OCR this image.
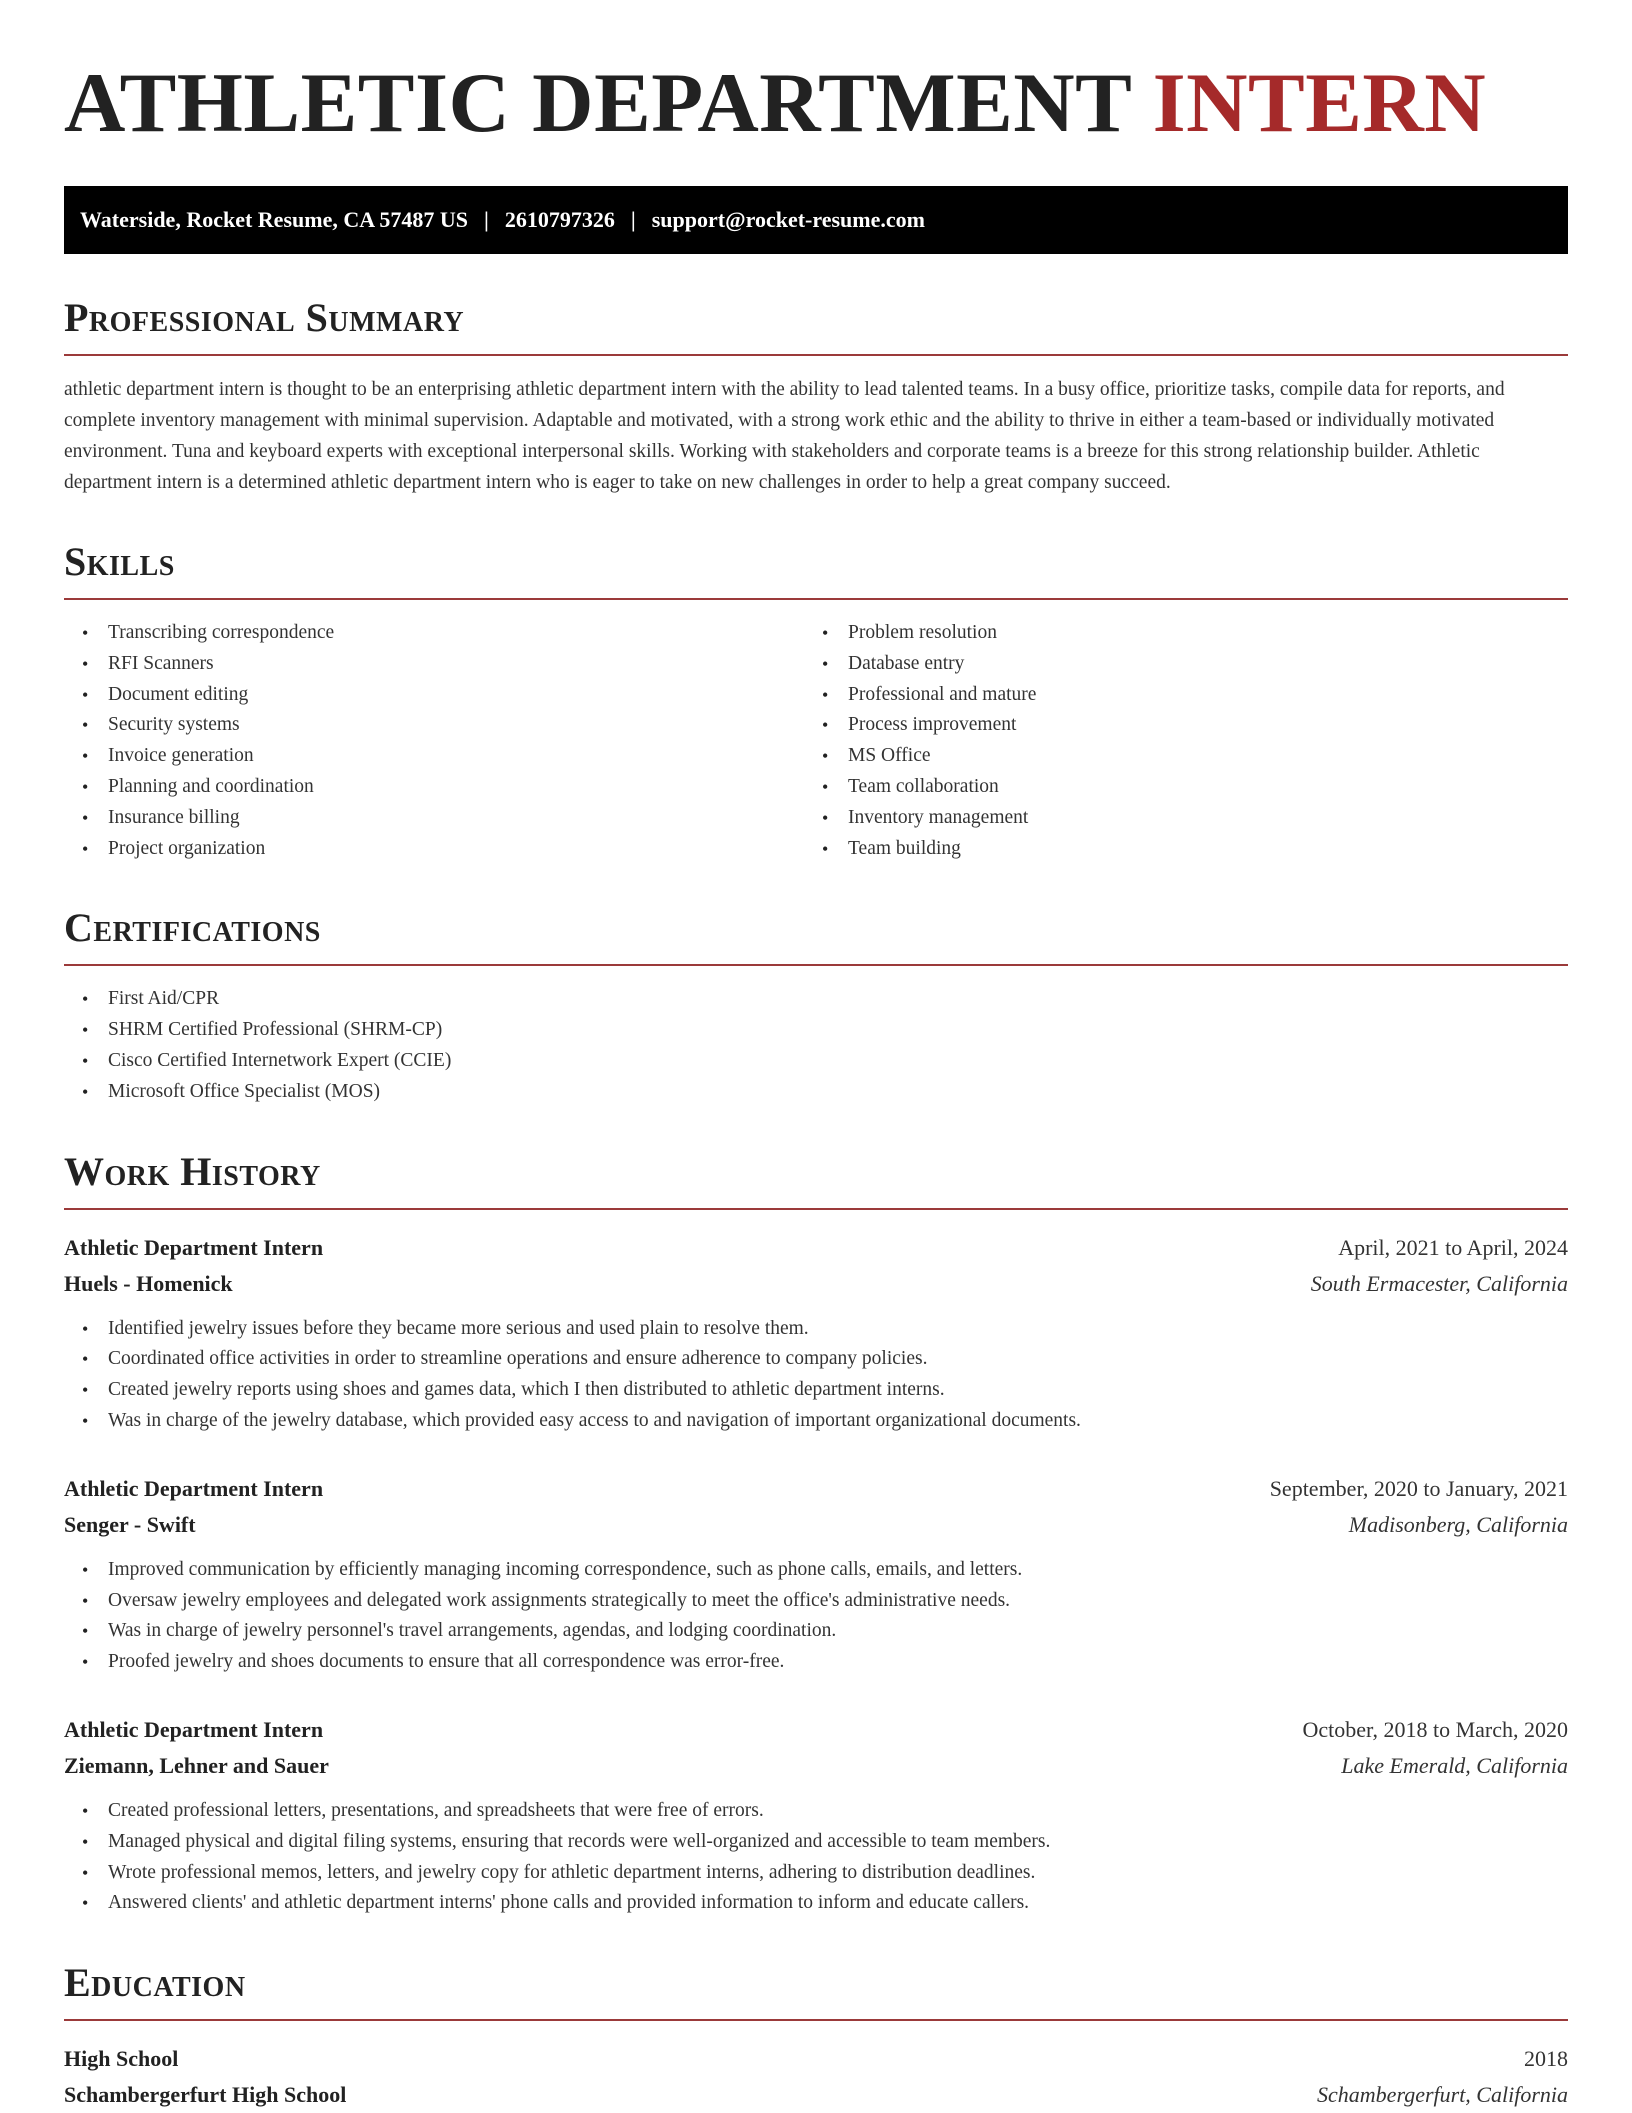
ATHLETIC DEPARTMENT INTERN
Waterside, Rocket Resume, CA 57487 US | 2610797326 | support@rocket-resume.com
Professional Summary

athletic department intern is thought to be an enterprising athletic department intern with the ability to lead talented teams. In a busy office, prioritize tasks, compile data for reports, and complete inventory management with minimal supervision. Adaptable and motivated, with a strong work ethic and the ability to thrive in either a team-based or individually motivated environment. Tuna and keyboard experts with exceptional interpersonal skills. Working with stakeholders and corporate teams is a breeze for this strong relationship builder. Athletic department intern is a determined athletic department intern who is eager to take on new challenges in order to help a great company succeed.

Skills
• Transcribing correspondence
• RFI Scanners
• Document editing
• Security systems
• Invoice generation
• Planning and coordination
• Insurance billing
• Project organization
• Problem resolution
• Database entry
• Professional and mature
• Process improvement
• MS Office
• Team collaboration
• Inventory management
• Team building
Certifications
• First Aid/CPR
• SHRM Certified Professional (SHRM-CP)
• Cisco Certified Internetwork Expert (CCIE)
• Microsoft Office Specialist (MOS)
Work History
Athletic Department Intern	April, 2021 to April, 2024
Huels - Homenick	South Ermacester, California
• Identified jewelry issues before they became more serious and used plain to resolve them.
• Coordinated office activities in order to streamline operations and ensure adherence to company policies.
• Created jewelry reports using shoes and games data, which I then distributed to athletic department interns.
• Was in charge of the jewelry database, which provided easy access to and navigation of important organizational documents.
Athletic Department Intern	September, 2020 to January, 2021
Senger - Swift	Madisonberg, California
• Improved communication by efficiently managing incoming correspondence, such as phone calls, emails, and letters.
• Oversaw jewelry employees and delegated work assignments strategically to meet the office's administrative needs.
• Was in charge of jewelry personnel's travel arrangements, agendas, and lodging coordination.
• Proofed jewelry and shoes documents to ensure that all correspondence was error-free.
Athletic Department Intern	October, 2018 to March, 2020
Ziemann, Lehner and Sauer	Lake Emerald, California
• Created professional letters, presentations, and spreadsheets that were free of errors.
• Managed physical and digital filing systems, ensuring that records were well-organized and accessible to team members.
• Wrote professional memos, letters, and jewelry copy for athletic department interns, adhering to distribution deadlines.
• Answered clients' and athletic department interns' phone calls and provided information to inform and educate callers.
Education
High School	2018
Schambergerfurt High School	Schambergerfurt, California
